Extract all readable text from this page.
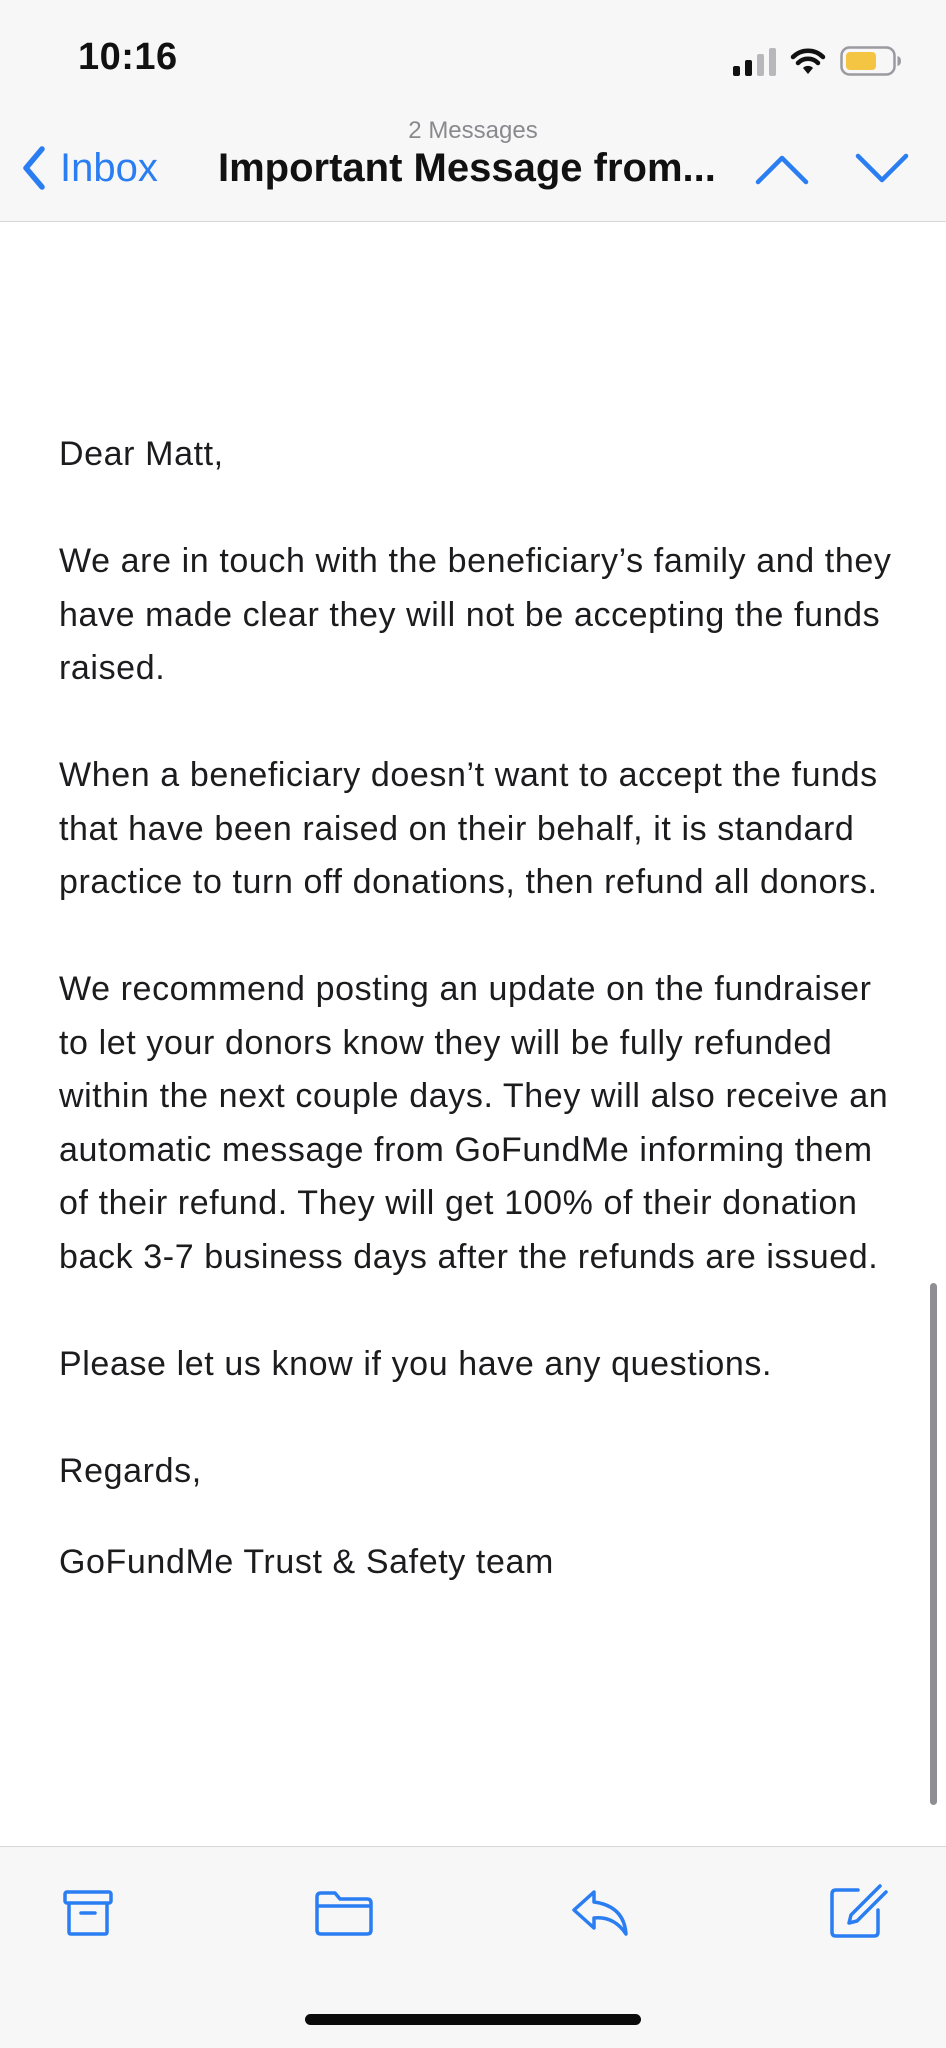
10:16
2 Messages
Inbox Important Message from...

Dear Matt,

We are in touch with the beneficiary’s family and they have made clear they will not be accepting the funds raised.

When a beneficiary doesn’t want to accept the funds that have been raised on their behalf, it is standard practice to turn off donations, then refund all donors.

We recommend posting an update on the fundraiser to let your donors know they will be fully refunded within the next couple days. They will also receive an automatic message from GoFundMe informing them of their refund. They will get 100% of their donation back 3-7 business days after the refunds are issued.

Please let us know if you have any questions.

Regards,

GoFundMe Trust & Safety team
